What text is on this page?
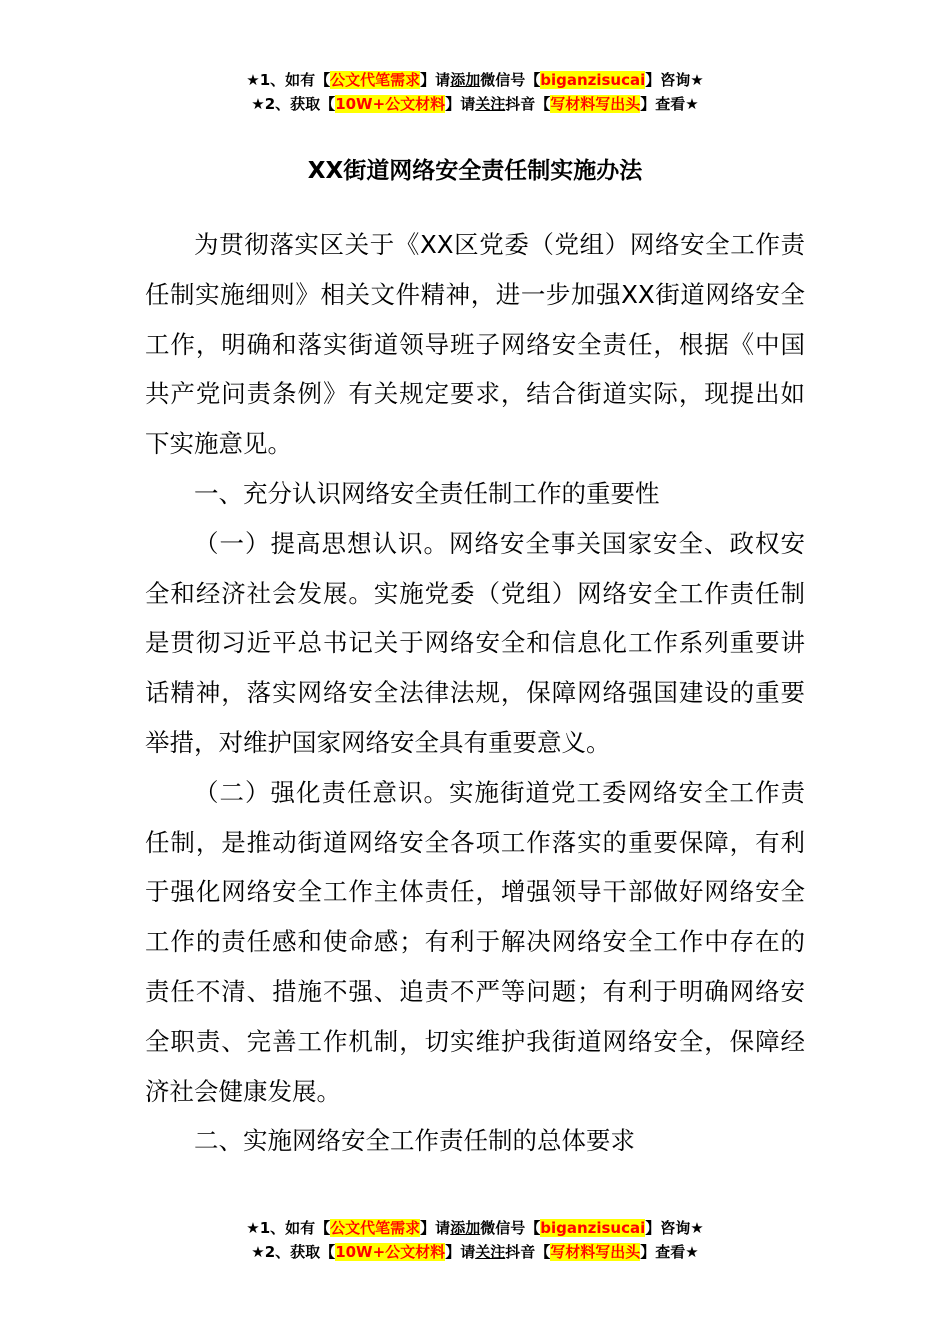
★1、如有【公文代笔需求】请添加微信号【biganzisucai】咨询★
★2、获取【10W+公文材料】请关注抖音【写材料写出头】查看★
XX街道网络安全责任制实施办法

为贯彻落实区关于《XX区党委（党组）网络安全工作责任制实施细则》相关文件精神，进一步加强XX街道网络安全工作，明确和落实街道领导班子网络安全责任，根据《中国共产党问责条例》有关规定要求，结合街道实际，现提出如下实施意见。

一、充分认识网络安全责任制工作的重要性

（一）提高思想认识。网络安全事关国家安全、政权安全和经济社会发展。实施党委（党组）网络安全工作责任制是贯彻习近平总书记关于网络安全和信息化工作系列重要讲话精神，落实网络安全法律法规，保障网络强国建设的重要举措，对维护国家网络安全具有重要意义。

（二）强化责任意识。实施街道党工委网络安全工作责任制，是推动街道网络安全各项工作落实的重要保障，有利于强化网络安全工作主体责任，增强领导干部做好网络安全工作的责任感和使命感；有利于解决网络安全工作中存在的责任不清、措施不强、追责不严等问题；有利于明确网络安全职责、完善工作机制，切实维护我街道网络安全，保障经济社会健康发展。

二、实施网络安全工作责任制的总体要求

★1、如有【公文代笔需求】请添加微信号【biganzisucai】咨询★
★2、获取【10W+公文材料】请关注抖音【写材料写出头】查看★
